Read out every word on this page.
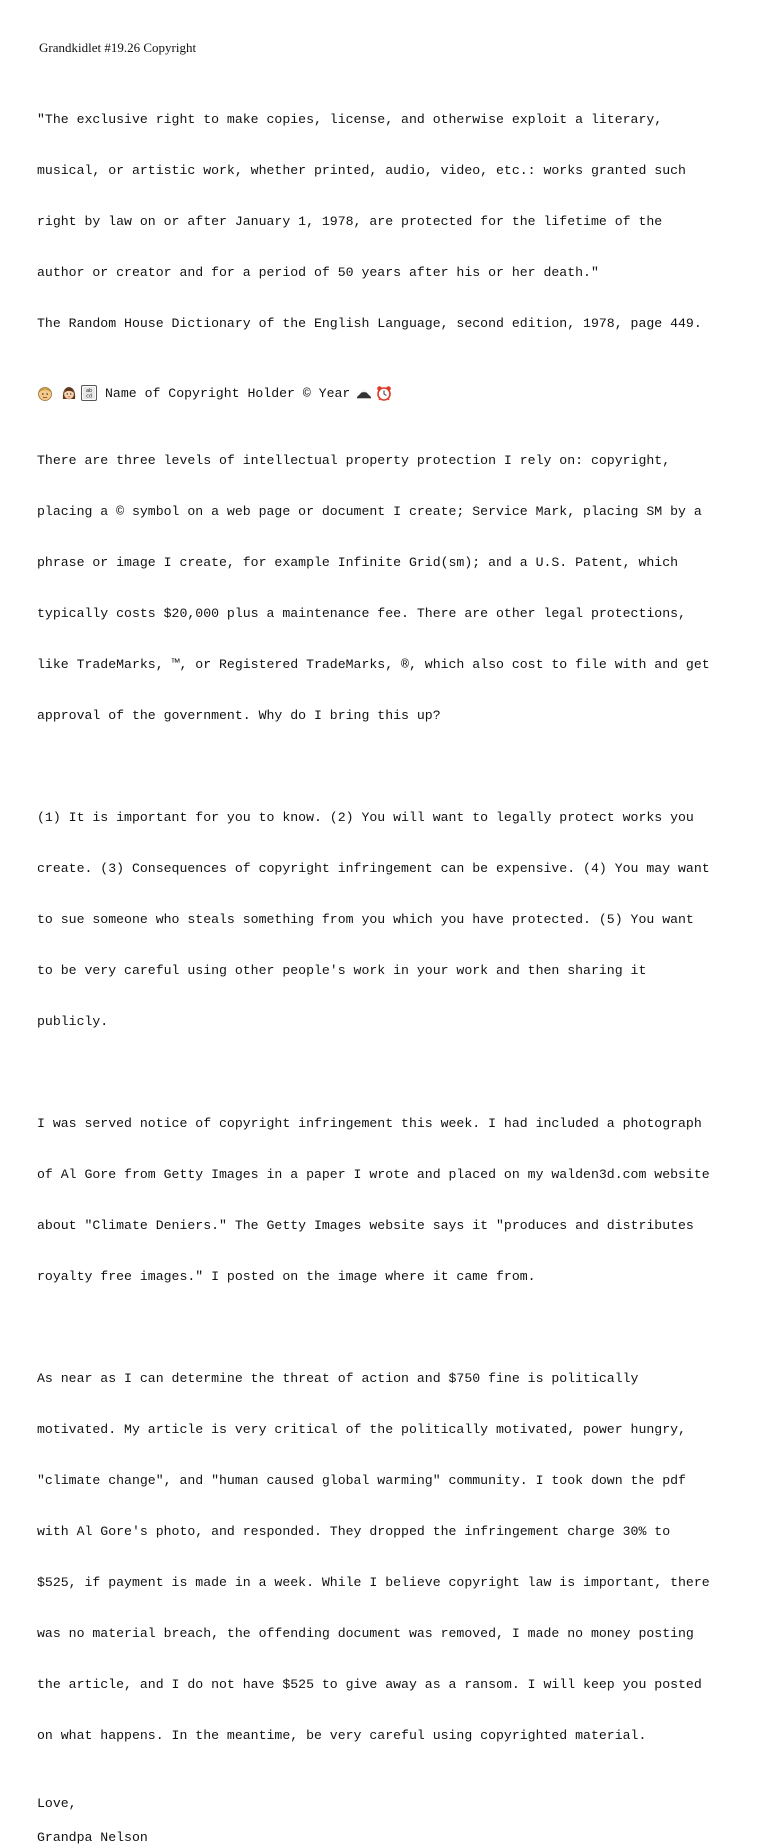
Grandkidlet #19.26 Copyright

"The exclusive right to make copies, license, and otherwise exploit a literary,

musical, or artistic work, whether printed, audio, video, etc.: works granted such

right by law on or after January 1, 1978, are protected for the lifetime of the

author or creator and for a period of 50 years after his or her death."

The Random House Dictionary of the English Language, second edition, 1978, page 449.

ab
cd Name of Copyright Holder © Year

There are three levels of intellectual property protection I rely on: copyright,

placing a © symbol on a web page or document I create; Service Mark, placing SM by a

phrase or image I create, for example Infinite Grid(sm); and a U.S. Patent, which

typically costs $20,000 plus a maintenance fee. There are other legal protections,

like TradeMarks, ™, or Registered TradeMarks, ®, which also cost to file with and get

approval of the government. Why do I bring this up?

(1) It is important for you to know. (2) You will want to legally protect works you

create. (3) Consequences of copyright infringement can be expensive. (4) You may want

to sue someone who steals something from you which you have protected. (5) You want

to be very careful using other people's work in your work and then sharing it

publicly.

I was served notice of copyright infringement this week. I had included a photograph

of Al Gore from Getty Images in a paper I wrote and placed on my walden3d.com website

about "Climate Deniers." The Getty Images website says it "produces and distributes

royalty free images." I posted on the image where it came from.

As near as I can determine the threat of action and $750 fine is politically

motivated. My article is very critical of the politically motivated, power hungry,

"climate change", and "human caused global warming" community. I took down the pdf

with Al Gore's photo, and responded. They dropped the infringement charge 30% to

$525, if payment is made in a week. While I believe copyright law is important, there

was no material breach, the offending document was removed, I made no money posting

the article, and I do not have $525 to give away as a ransom. I will keep you posted

on what happens. In the meantime, be very careful using copyrighted material.

Love,
Grandpa Nelson
